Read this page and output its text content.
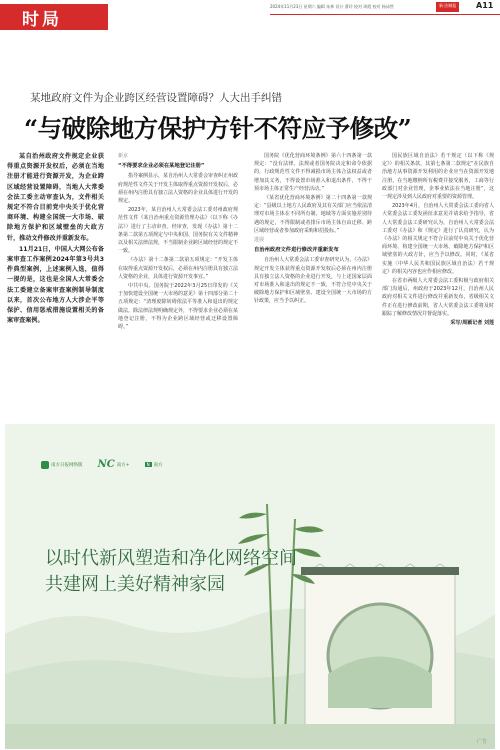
时局
2024年11月23日 星期六 编辑 朱林 设计 曹玲 校对 周霞 校对 杨沛然	新·法制报	A11
某地政府文件为企业跨区经营设置障碍？人大出手纠错
“与破除地方保护方针不符应予修改”

某自治州政府文件规定企业获得重点资源开发权后，必须在当地注册才能进行资源开发，为企业跨区域经营设置障碍，当地人大常委会法工委主动审查认为，文件相关规定不符合目前党中央关于优化营商环境、构建全国统一大市场、破除地方保护和区域壁垒的大政方针，推动文件修改并重新发布。

11月21日，中国人大网公布备案审查工作案例2024年第3号共3件典型案例，上述案例入选，值得一提的是，这也是全国人大常委会法工委建立备案审查案例制导制度以来，首次公布地方人大涉企平等保护、信用惩戒措施设置相关的备案审查案例。

新京

“不得要求企业必须在某地登记注册”

指导案例显示，某自治州人大常委会审查纠正州政府规范性文件关于开发主体取得重点资源开发权后，必须在州内注册具有独立法人资格的企业具体进行开发的规定。

2023年，某自治州人大常委会法工委对州政府规范性文件《某自治州重点资源管理办法》（以下称《办法》）进行了主动审查。经审查，发现《办法》第十二条第二款第五项规定与中央和国、国务院有关文件精神以及相关法律法规，不当限制企业跨区域经营的规定不一致。

《办法》第十二条第二款第五项规定：“开发主体在取得重点资源开发权后，必须在州内注册具有独立法人资格的企业，具体进行资源开发事宜。”

中共中央、国务院于2022年3月25日印发的《关于加快建设全国统一大市场的意见》第十四部分第二十五项规定：“清理废除妨碍依法平等准入和退出的规定做法。除法律法规明确规定外，不得要求企业必须在某地登记注册，不得为企业跨区域经营或迁移设置障碍。”

国务院《优化营商环境条例》第六十四条第一款规定：“没有法律、法规或者国务院决定和命令依据的，行政规范性文件不得减损市场主体合法权益或者增加其义务，不得设置市场准入和退出条件，不得干预市场主体正常生产经营活动。”

《某省优化营商环境条例》第二十四条第一款规定：“县级以上地方人民政府及其有关部门应当依法清理对市场主体在不同所有制、地域等方面实施差别待遇的规定，不得限制或者排斥市场主体自由迁移、跨区域经营或者参加政府采购和招投标。”

进展

自治州政府文件进行修改并重新发布

自治州人大常委会法工委审查研究认为，《办法》规定开发主体获得重点资源开发权后必须在州内注册具有独立法人资格的企业进行开发，与上述国家层面对市场准入和退出的规定不一致，不符合党中央关于破除地方保护和区域壁垒、建设全国统一大市场的方针政策，应当予以纠正。

国民族区域自治法》若干规定（以下称《规定》）的相关条款，其第七条第二款规定“在民族自治地方从事资源开发利用的企业应当在资源开发地注册，在当地缴纳所有税费并接受服务，工商等行政部门对企业管理，企事业依法在当地注册”，这一规定涉及到人民政府对重要的资源管理。

2023年4月，自治州人大常委会法工委向省人大常委会法工委发函征求意见并请求给予指导，省人大常委会法工委研究认为，自治州人大常委会法工委对《办法》和《规定》进行了认真研究，认为《办法》的相关规定不符合目前党中央关于优化营商环境、构建全国统一大市场、破除地方保护和区域壁垒的大政方针，应当予以修改。同时，《某省实施〈中华人民共和国民族区域自治法〉若干规定》的相关内容也应作相应修改。

在省市两级人大常委会法工委积极与政府相关部门沟通后，州政府于2023年12月，自治州人民政府对相关文件进行修改并重新发布，省级相关文件正在进行修改前期，省人大常委会法工委将及时跟踪了解修改情况并督促落实。

采写/周颖记者 刘莲
南方日报网络版
NC 南方+
	N 南方
以时代新风塑造和净化网络空间
共建网上美好精神家园
广告
